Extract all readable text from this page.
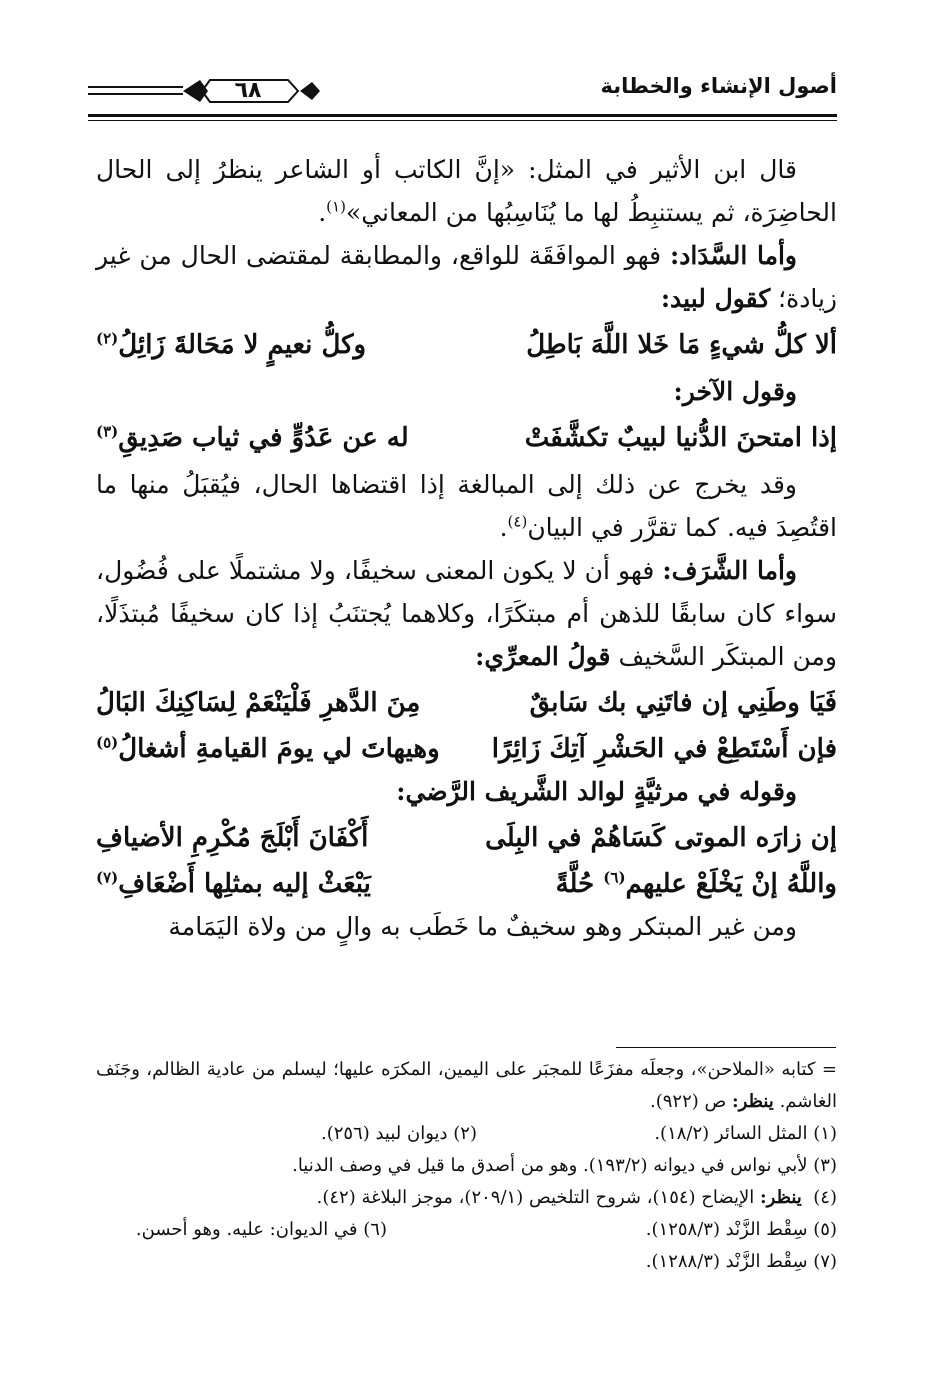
أصول الإنشاء والخطابة
٦٨

قال ابن الأثير في المثل: «إنَّ الكاتب أو الشاعر ينظرُ إلى الحال الحاضِرَة، ثم يستنبِطُ لها ما يُنَاسِبُها من المعاني»$^{(١)}$.

وأما السَّدَاد: فهو الموافَقَة للواقع، والمطابقة لمقتضى الحال من غير زيادة؛ كقول لبيد:

ألا كلُّ شيءٍ مَا خَلا اللَّهَ بَاطِلُ
وكلُّ نعيمٍ لا مَحَالةَ زَائِلُ$^{(٢)}$

وقول الآخر:

إذا امتحنَ الدُّنيا لبيبٌ تكشَّفَتْ
له عن عَدُوٍّ في ثياب صَدِيقِ$^{(٣)}$

وقد يخرج عن ذلك إلى المبالغة إذا اقتضاها الحال، فيُقبَلُ منها ما اقتُصِدَ فيه. كما تقرَّر في البيان$^{(٤)}$.

وأما الشَّرَف: فهو أن لا يكون المعنى سخيفًا، ولا مشتملًا على فُضُول، سواء كان سابقًا للذهن أم مبتكَرًا، وكلاهما يُجتنَبُ إذا كان سخيفًا مُبتذَلًا، ومن المبتكَر السَّخيف قولُ المعرِّي:

فَيَا وطَنِي إن فاتَنِي بك سَابقٌ
مِنَ الدَّهرِ فَلْيَنْعَمْ لِسَاكِنِكَ البَالُ
فإن أَسْتَطِعْ في الحَشْرِ آتِكَ زَائِرًا
وهيهاتَ لي يومَ القيامةِ أشغالُ$^{(٥)}$

وقوله في مرثيَّةٍ لوالد الشَّريف الرَّضي:

إن زارَه الموتى كَسَاهُمْ في البِلَى
أَكْفَانَ أَبْلَجَ مُكْرِمِ الأضيافِ
واللَّهُ إنْ يَخْلَعْ عليهم$^{(٦)}$ حُلَّةً
يَبْعَثْ إليه بمثلِها أَضْعَافِ$^{(٧)}$

ومن غير المبتكر وهو سخيفٌ ما خَطَب به والٍ من ولاة اليَمَامة

= كتابه «الملاحن»، وجعلَه مفزَعًا للمجبَر على اليمين، المكرَه عليها؛ ليسلم من عادية الظالم، وجَنَف الغاشم. ينظر: ص (٩٢٢).

(١) المثل السائر (١٨/٢).
(٢) ديوان لبيد (٢٥٦).
(٣) لأبي نواس في ديوانه (١٩٣/٢). وهو من أصدق ما قيل في وصف الدنيا.
(٤)  ينظر: الإيضاح (١٥٤)، شروح التلخيص (٢٠٩/١)، موجز البلاغة (٤٢).
(٥) سِقْط الزَّنْد (١٢٥٨/٣).
(٦) في الديوان: عليه. وهو أحسن.
(٧) سِقْط الزَّنْد (١٢٨٨/٣).
